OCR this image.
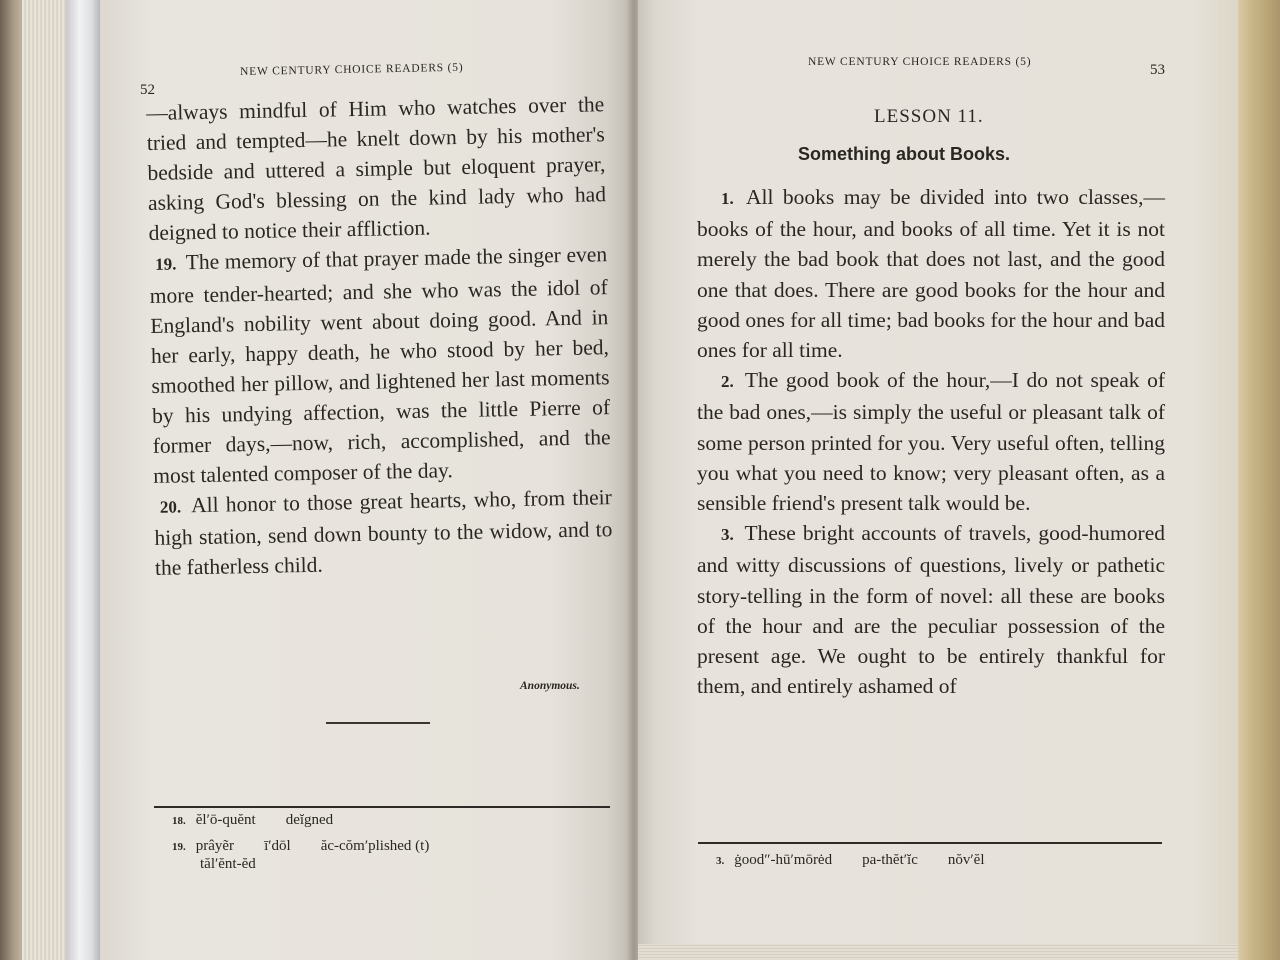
52
NEW CENTURY CHOICE READERS (5)

—always mindful of Him who watches over the tried and tempted—he knelt down by his mother's bedside and uttered a simple but eloquent prayer, asking God's blessing on the kind lady who had deigned to notice their affliction.

19. The memory of that prayer made the singer even more tender-hearted; and she who was the idol of England's nobility went about doing good. And in her early, happy death, he who stood by her bed, smoothed her pillow, and lightened her last moments by his undying affection, was the little Pierre of former days,—now, rich, accomplished, and the most talented composer of the day.

20. All honor to those great hearts, who, from their high station, send down bounty to the widow, and to the fatherless child.

Anonymous.
18. ĕl′ō-quĕnt deĭgned
19. prâyẽr ī′dōl ăc-cŏm′plished (t)
tăl′ĕnt-ĕd
NEW CENTURY CHOICE READERS (5)	53
LESSON 11.
Something about Books.

1. All books may be divided into two classes,—books of the hour, and books of all time. Yet it is not merely the bad book that does not last, and the good one that does. There are good books for the hour and good ones for all time; bad books for the hour and bad ones for all time.

2. The good book of the hour,—I do not speak of the bad ones,—is simply the useful or pleasant talk of some person printed for you. Very useful often, telling you what you need to know; very pleasant often, as a sensible friend's present talk would be.

3. These bright accounts of travels, good-humored and witty discussions of questions, lively or pathetic story-telling in the form of novel: all these are books of the hour and are the peculiar possession of the present age. We ought to be entirely thankful for them, and entirely ashamed of

3. ġood″-hū′mōrėd pa-thĕt′ĭc nŏv′ĕl
